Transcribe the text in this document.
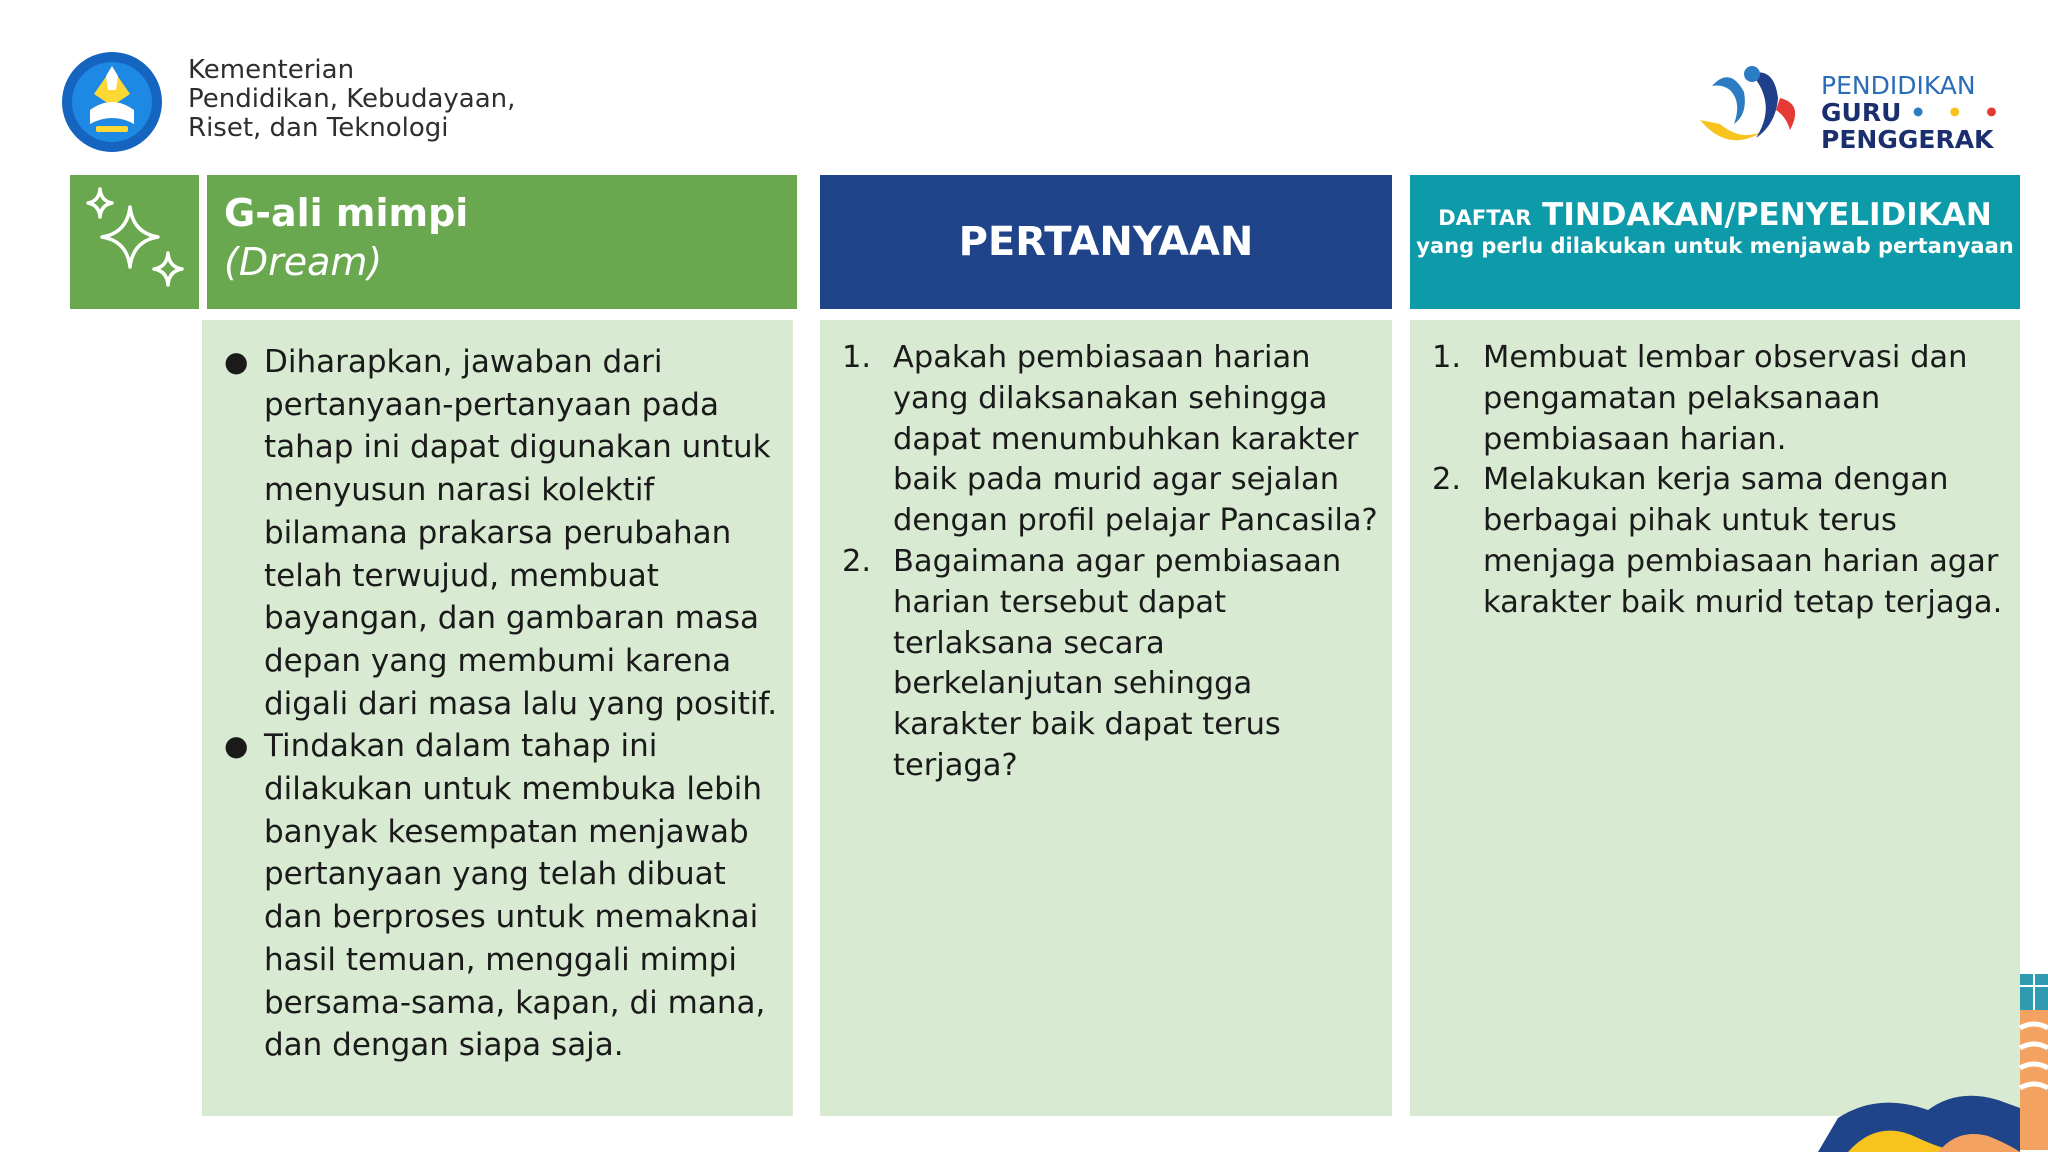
Kementerian
Pendidikan, Kebudayaan,
Riset, dan Teknologi
PENDIDIKAN
GURU • • •
PENGGERAK
G-ali mimpi
(Dream)	PERTANYAAN
DAFTAR TINDAKAN/PENYELIDIKAN
yang perlu dilakukan untuk menjawab pertanyaan
● Diharapkan, jawaban dari pertanyaan-pertanyaan pada tahap ini dapat digunakan untuk menyusun narasi kolektif bilamana prakarsa perubahan telah terwujud, membuat bayangan, dan gambaran masa depan yang membumi karena digali dari masa lalu yang positif.
● Tindakan dalam tahap ini dilakukan untuk membuka lebih banyak kesempatan menjawab pertanyaan yang telah dibuat dan berproses untuk memaknai hasil temuan, menggali mimpi bersama-sama, kapan, di mana, dan dengan siapa saja.
1. Apakah pembiasaan harian yang dilaksanakan sehingga dapat menumbuhkan karakter baik pada murid agar sejalan dengan profil pelajar Pancasila?
2. Bagaimana agar pembiasaan harian tersebut dapat terlaksana secara berkelanjutan sehingga karakter baik dapat terus terjaga?
1. Membuat lembar observasi dan pengamatan pelaksanaan pembiasaan harian.
2. Melakukan kerja sama dengan berbagai pihak untuk terus menjaga pembiasaan harian agar karakter baik murid tetap terjaga.
